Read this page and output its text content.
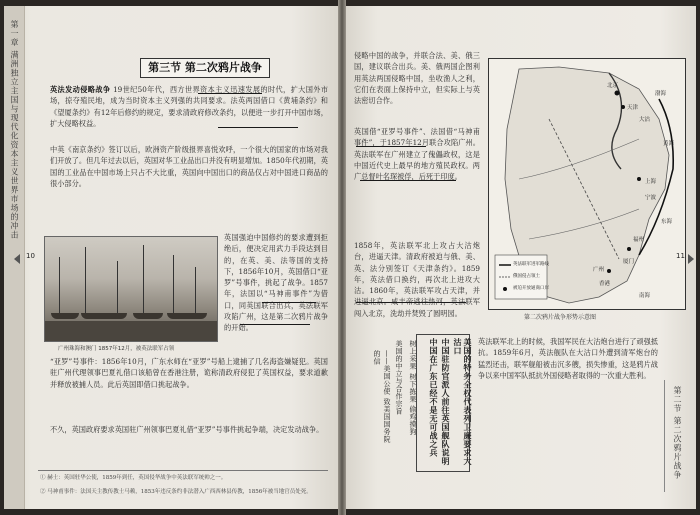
第一章 满洲独立主国与现代化资本主义世界市场的冲击	第三节 第二次鸦片战争
英法发动侵略战争 19世纪50年代，西方世界资本主义迅速发展的时代，扩大国外市场，掠夺殖民地，成为当时资本主义列强的共同要求。法英两国借口《黄埔条约》和《望厦条约》有12年后修约的规定，要求清政府修改条约，以便进一步打开中国市场，扩大侵略权益。
中英《南京条约》签订以后，欧洲资产阶级报界喜悦欢呼，一个很大的国家的市场对我们开放了。但几年过去以后，英国对华工业品出口并没有明显增加。1850年代初期，英国的工业品在中国市场上只占不大比重，英国向中国出口的商品仅占对中国进口商品的很小部分。
英国强迫中国修约的要求遭到拒绝后，便决定用武力手段达到目的，在英、美、法等国的支持下，1856年10月，英国借口“亚罗”号事件，挑起了战争。1857年，法国以“马神甫事件”为借口，同英国联合出兵，英法联军攻陷广州，这是第二次鸦片战争的开始。
广州珠海和澳门 1857年12月，被英法联军占领
“亚罗”号事件：1856年10月，广东水师在“亚罗”号船上逮捕了几名海盗嫌疑犯。英国驻广州代理领事巴夏礼借口该船曾在香港注册，诡称清政府侵犯了英国权益，要求道歉并释放被捕人员。此后英国即借口挑起战争。
不久，英国政府要求英国驻广州领事巴夏礼借“亚罗”号事件挑起争端，决定发动战争。
① 赫士：英国驻华公使，1859年到任，英国侵华战争中英法联军统帅之一。
② 马神甫事件：法国天主教传教士马赖，1853年违反条约非法潜入广西西林县传教，1856年被当地官员处死。
10
侵略中国的战争，并联合法、美、俄三国，建议联合出兵。美、俄两国企图利用英法两国侵略中国，坐收渔人之利，它们在表面上保持中立，但实际上与英法密切合作。
英国借“亚罗号事件”、法国借“马神甫事件”，于1857年12月联合攻陷广州。英法联军在广州建立了傀儡政权，这是中国近代史上最早的地方殖民政权。两广总督叶名琛被俘，后死于印度。
1858年，英法联军北上攻占大沽炮台，进逼天津。清政府被迫与俄、美、英、法分别签订《天津条约》。1859年，英法借口换约，再次北上进攻大沽。1860年，英法联军攻占天津，并进逼北京。咸丰帝逃往热河，英法联军闯入北京，洗劫并焚毁了圆明园。
北京
天津
大沽
上海
宁波
福州
厦门
广州
香港
渤海
黄海
东海
南海
英法联军进军路线
俄国侵占领土
被迫开放通商口岸
第二次鸦片战争形势示意图
美国的特务全权代表列卫廉要求大沽口
中国驻防官派人前往英国舰队说明
中国在广东已经不是无可战之兵
树上采果 树下拣果 偷鸡摸狗
美国的中立与合作宗旨
——美国公使 致美国国务院的信
英法联军北上的时候，我国军民在大沽炮台进行了顽强抵抗。1859年6月，英法舰队在大沽口外遭到清军炮台的猛烈还击，联军舰船被击沉多艘，损失惨重，这是鸦片战争以来中国军队抵抗外国侵略者取得的一次重大胜利。
第二节 第二次鸦片战争
11
